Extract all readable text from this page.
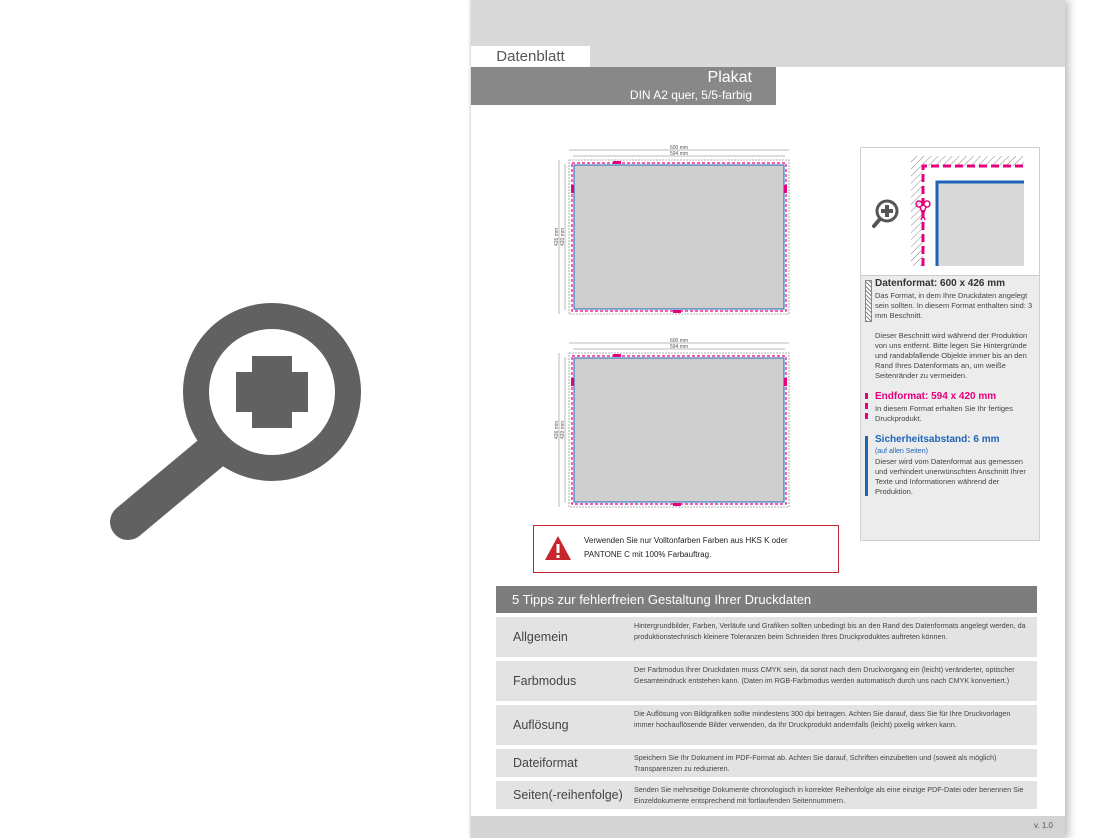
Datenblatt
Plakat
DIN A2 quer, 5/5-farbig
600 mm
594 mm
426 mm 420 mm
600 mm
594 mm
426 mm 420 mm
Datenformat: 600 x 426 mm

Das Format, in dem Ihre Druckdaten angelegt sein sollten. In diesem Format enthalten sind: 3 mm Beschnitt.

Dieser Beschnitt wird während der Produktion von uns entfernt. Bitte legen Sie Hintergründe und randabfallende Objekte immer bis an den Rand Ihres Datenformats an, um weiße Seitenränder zu vermeiden.

Endformat: 594 x 420 mm

In diesem Format erhalten Sie Ihr fertiges Druckprodukt.

Sicherheitsabstand: 6 mm

(auf allen Seiten)

Dieser wird vom Datenformat aus gemessen und verhindert unerwünschten Anschnitt Ihrer Texte und Informationen während der Produktion.

Verwenden Sie nur Volltonfarben Farben aus HKS K oder PANTONE C mit 100% Farbauftrag.
5 Tipps zur fehlerfreien Gestaltung Ihrer Druckdaten
Allgemein
Hintergrundbilder, Farben, Verläufe und Grafiken sollten unbedingt bis an den Rand des Datenformats angelegt werden, da produktionstechnisch kleinere Toleranzen beim Schneiden Ihres Druckproduktes auftreten können.
Farbmodus
Der Farbmodus Ihrer Druckdaten muss CMYK sein, da sonst nach dem Druckvorgang ein (leicht) veränderter, optischer Gesamteindruck entstehen kann. (Daten im RGB-Farbmodus werden automatisch durch uns nach CMYK konvertiert.)
Auflösung
Die Auflösung von Bildgrafiken sollte mindestens 300 dpi betragen. Achten Sie darauf, dass Sie für Ihre Druckvorlagen immer hochauflösende Bilder verwenden, da Ihr Druckprodukt andernfalls (leicht) pixelig wirken kann.
Dateiformat	Speichern Sie Ihr Dokument im PDF-Format ab. Achten Sie darauf, Schriften einzubetten und (soweit als möglich) Transparenzen zu reduzieren.
Seiten(-reihenfolge)	Senden Sie mehrseitige Dokumente chronologisch in korrekter Reihenfolge als eine einzige PDF-Datei oder benennen Sie Einzeldokumente entsprechend mit fortlaufenden Seitennummern.
v. 1.0
